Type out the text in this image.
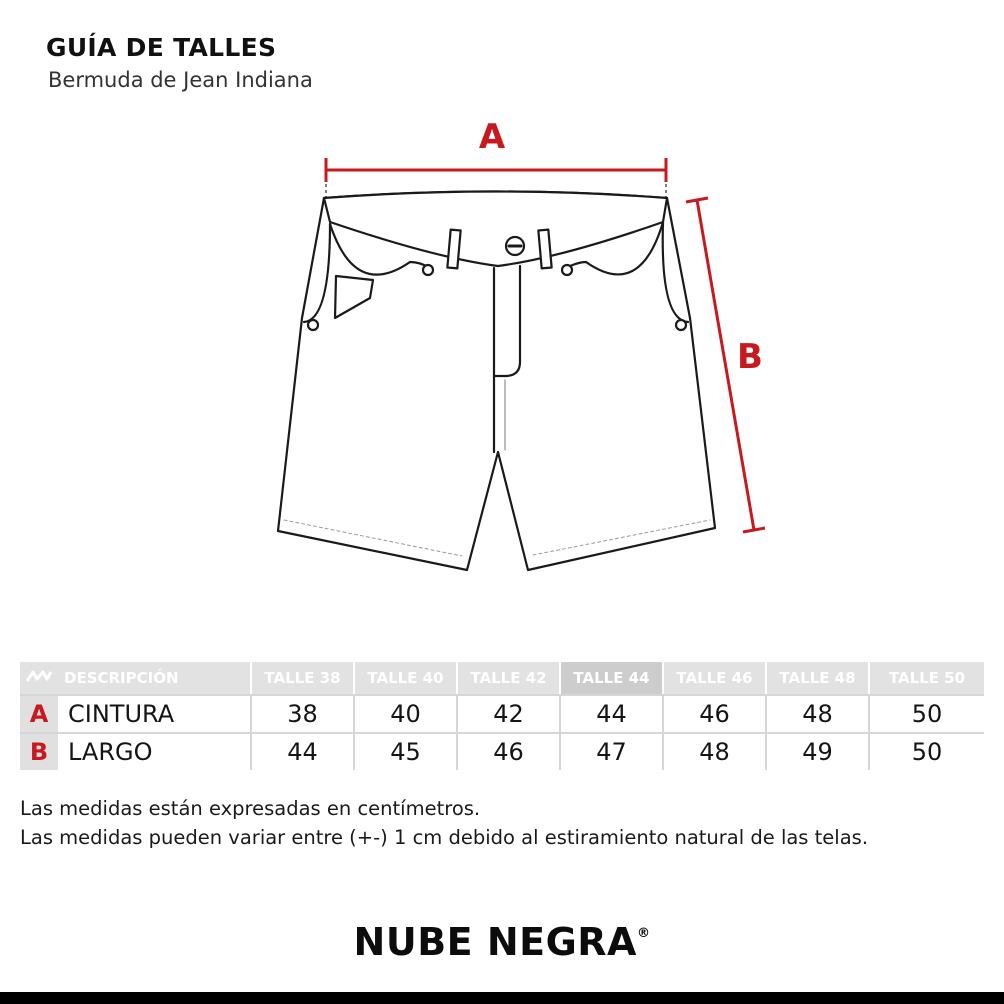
GUÍA DE TALLES
Bermuda de Jean Indiana
A
B
	DESCRIPCIÓN	TALLE 38	TALLE 40	TALLE 42	TALLE 44	TALLE 46	TALLE 48	TALLE 50
A	CINTURA	38	40	42	44	46	48	50
B	LARGO	44	45	46	47	48	49	50
Las medidas están expresadas en centímetros.
Las medidas pueden variar entre (+-) 1 cm debido al estiramiento natural de las telas.
NUBE NEGRA®
